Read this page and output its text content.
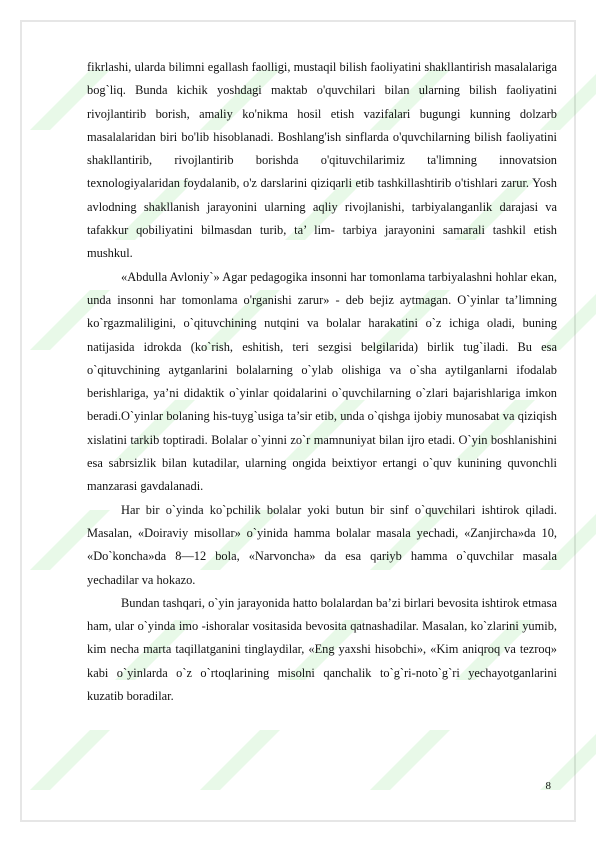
fikrlashi, ularda bilimni egallash faolligi, mustaqil bilish faoliyatini shakllantirish masalalariga bog`liq. Bunda kichik yoshdagi maktab o'quvchilari bilan ularning bilish faoliyatini rivojlantirib borish, amaliy ko'nikma hosil etish vazifalari bugungi kunning dolzarb masalalaridan biri bo'lib hisoblanadi. Boshlang'ish sinflarda o'quvchilarning bilish faoliyatini shakllantirib, rivojlantirib borishda o'qituvchilarimiz ta'limning innovatsion texnologiyalaridan foydalanib, o'z darslarini qiziqarli etib tashkillashtirib o'tishlari zarur. Yosh avlodning shakllanish jarayonini ularning aqliy rivojlanishi, tarbiyalanganlik darajasi va tafakkur qobiliyatini bilmasdan turib, ta’ lim- tarbiya jarayonini samarali tashkil etish mushkul.

«Abdulla Avloniy`» Agar pedagogika insonni har tomonlama tarbiyalashni hohlar ekan, unda insonni har tomonlama o'rganishi zarur» - deb bejiz aytmagan. O`yinlar ta’limning ko`rgazmaliligini, o`qituvchining nutqini va bolalar harakatini o`z ichiga oladi, buning natijasida idrokda (ko`rish, eshitish, teri sezgisi belgilarida) birlik tug`iladi. Bu esa o`qituvchining aytganlarini bolalarning o`ylab olishiga va o`sha aytilganlarni ifodalab berishlariga, ya’ni didaktik o`yinlar qoidalarini o`quvchilarning o`zlari bajarishlariga imkon beradi.O`yinlar bolaning his-tuyg`usiga ta’sir etib, unda o`qishga ijobiy munosabat va qiziqish xislatini tarkib toptiradi. Bolalar o`yinni zo`r mamnuniyat bilan ijro etadi. O`yin boshlanishini esa sabrsizlik bilan kutadilar, ularning ongida beixtiyor ertangi o`quv kunining quvonchli manzarasi gavdalanadi.

Har bir o`yinda ko`pchilik bolalar yoki butun bir sinf o`quvchilari ishtirok qiladi. Masalan, «Doiraviy misollar» o`yinida hamma bolalar masala yechadi, «Zanjircha»da 10, «Do`koncha»da 8—12 bola, «Narvoncha» da esa qariyb hamma o`quvchilar masala yechadilar va hokazo.

Bundan tashqari, o`yin jarayonida hatto bolalardan ba’zi birlari bevosita ishtirok etmasa ham, ular o`yinda imo -ishoralar vositasida bevosita qatnashadilar. Masalan, ko`zlarini yumib, kim necha marta taqillatganini tinglaydilar, «Eng yaxshi hisobchi», «Kim aniqroq va tezroq» kabi o`yinlarda o`z o`rtoqlarining misolni qanchalik to`g`ri-noto`g`ri yechayotganlarini kuzatib boradilar.

8
